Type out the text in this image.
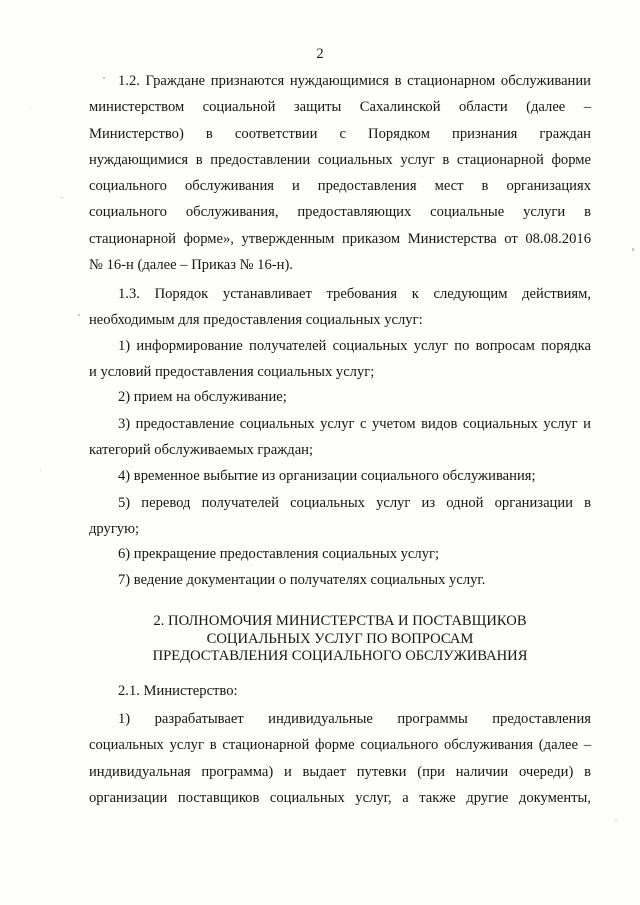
2

1.2. Граждане признаются нуждающимися в стационарном обслуживании
министерством социальной защиты Сахалинской области (далее –
Министерство) в соответствии с Порядком признания граждан
нуждающимися в предоставлении социальных услуг в стационарной форме
социального обслуживания и предоставления мест в организациях
социального обслуживания, предоставляющих социальные услуги в
стационарной форме», утвержденным приказом Министерства от 08.08.2016
№ 16-н (далее – Приказ № 16-н).

1.3. Порядок устанавливает требования к следующим действиям,
необходимым для предоставления социальных услуг:

1) информирование получателей социальных услуг по вопросам порядка
и условий предоставления социальных услуг;

2) прием на обслуживание;

3) предоставление социальных услуг с учетом видов социальных услуг и
категорий обслуживаемых граждан;

4) временное выбытие из организации социального обслуживания;

5) перевод получателей социальных услуг из одной организации в
другую;

6) прекращение предоставления социальных услуг;

7) ведение документации о получателях социальных услуг.

2. ПОЛНОМОЧИЯ МИНИСТЕРСТВА И ПОСТАВЩИКОВ
СОЦИАЛЬНЫХ УСЛУГ ПО ВОПРОСАМ
ПРЕДОСТАВЛЕНИЯ СОЦИАЛЬНОГО ОБСЛУЖИВАНИЯ

2.1. Министерство:

1) разрабатывает индивидуальные программы предоставления
социальных услуг в стационарной форме социального обслуживания (далее –
индивидуальная программа) и выдает путевки (при наличии очереди) в
организации поставщиков социальных услуг, а также другие документы,
